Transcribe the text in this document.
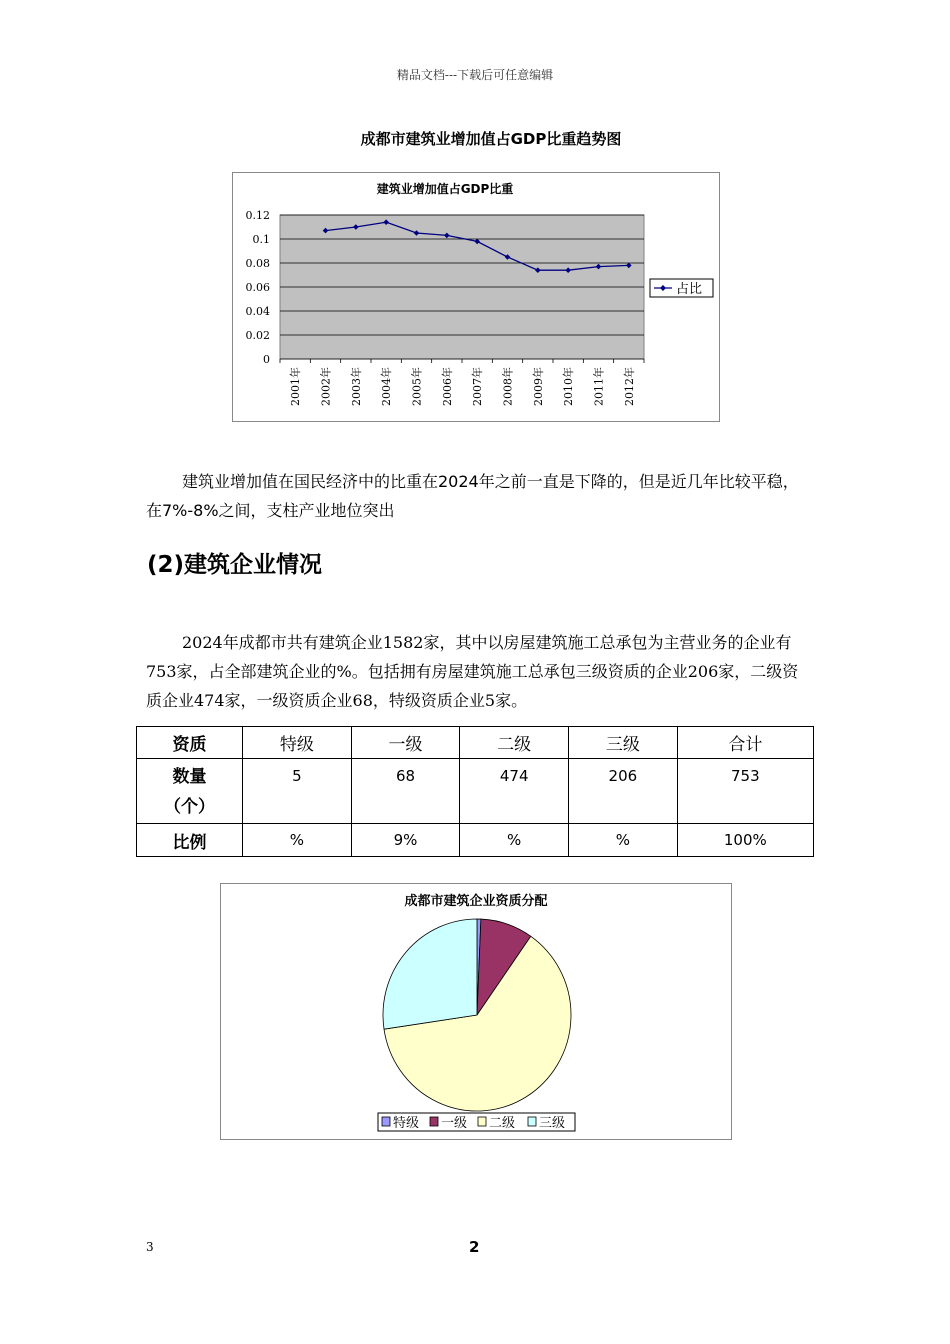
精品文档---下载后可任意编辑
成都市建筑业增加值占GDP比重趋势图
建筑业增加值占GDP比重
0.12
0.1
0.08
0.06
0.04
0.02
0
2001年 2002年 2003年 2004年 2005年 2006年 2007年 2008年 2009年 2010年 2011年 2012年
占比
建筑业增加值在国民经济中的比重在2024年之前一直是下降的，但是近几年比较平稳，在7%-8%之间，支柱产业地位突出
(2)建筑企业情况
2024年成都市共有建筑企业1582家，其中以房屋建筑施工总承包为主营业务的企业有753家，占全部建筑企业的%。包括拥有房屋建筑施工总承包三级资质的企业206家，二级资质企业474家，一级资质企业68，特级资质企业5家。
资质	特级	一级	二级	三级	合计

数量
（个）	5	68	474	206	753
比例	%	9%	%	%	100%
成都市建筑企业资质分配
特级 一级 二级 三级
3	2
